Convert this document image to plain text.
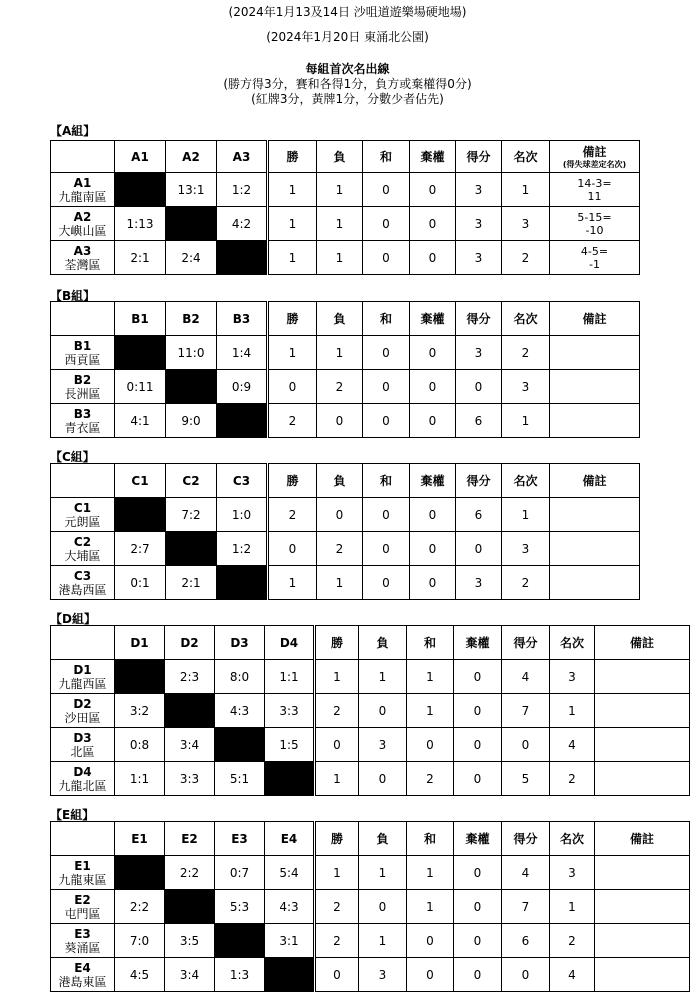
(2024年1月13及14日 沙咀道遊樂場硬地場)
(2024年1月20日 東涌北公園)
每組首次名出線
(勝方得3分，賽和各得1分，負方或棄權得0分)
(紅牌3分，黃牌1分，分數少者佔先)
【A組】
	A1	A2	A3	勝	負	和	棄權	得分	名次	備註
(得失球差定名次)

A1
九龍南區		13:1	1:2	1	1	0	0	3	1	14-3=
11

A2
大嶼山區	1:13		4:2	1	1	0	0	3	3	5-15=
-10

A3
荃灣區	2:1	2:4		1	1	0	0	3	2	4-5=
-1
【B組】
	B1	B2	B3	勝	負	和	棄權	得分	名次	備註

B1
西貢區		11:0	1:4	1	1	0	0	3	2	

B2
長洲區	0:11		0:9	0	2	0	0	0	3	

B3
青衣區	4:1	9:0		2	0	0	0	6	1	
【C組】
	C1	C2	C3	勝	負	和	棄權	得分	名次	備註

C1
元朗區		7:2	1:0	2	0	0	0	6	1	

C2
大埔區	2:7		1:2	0	2	0	0	0	3	

C3
港島西區	0:1	2:1		1	1	0	0	3	2	
【D組】
	D1	D2	D3	D4	勝	負	和	棄權	得分	名次	備註

D1
九龍西區		2:3	8:0	1:1	1	1	1	0	4	3	

D2
沙田區	3:2		4:3	3:3	2	0	1	0	7	1	

D3
北區	0:8	3:4		1:5	0	3	0	0	0	4	

D4
九龍北區	1:1	3:3	5:1		1	0	2	0	5	2	
【E組】
	E1	E2	E3	E4	勝	負	和	棄權	得分	名次	備註

E1
九龍東區		2:2	0:7	5:4	1	1	1	0	4	3	

E2
屯門區	2:2		5:3	4:3	2	0	1	0	7	1	

E3
葵涌區	7:0	3:5		3:1	2	1	0	0	6	2	

E4
港島東區	4:5	3:4	1:3		0	3	0	0	0	4	
